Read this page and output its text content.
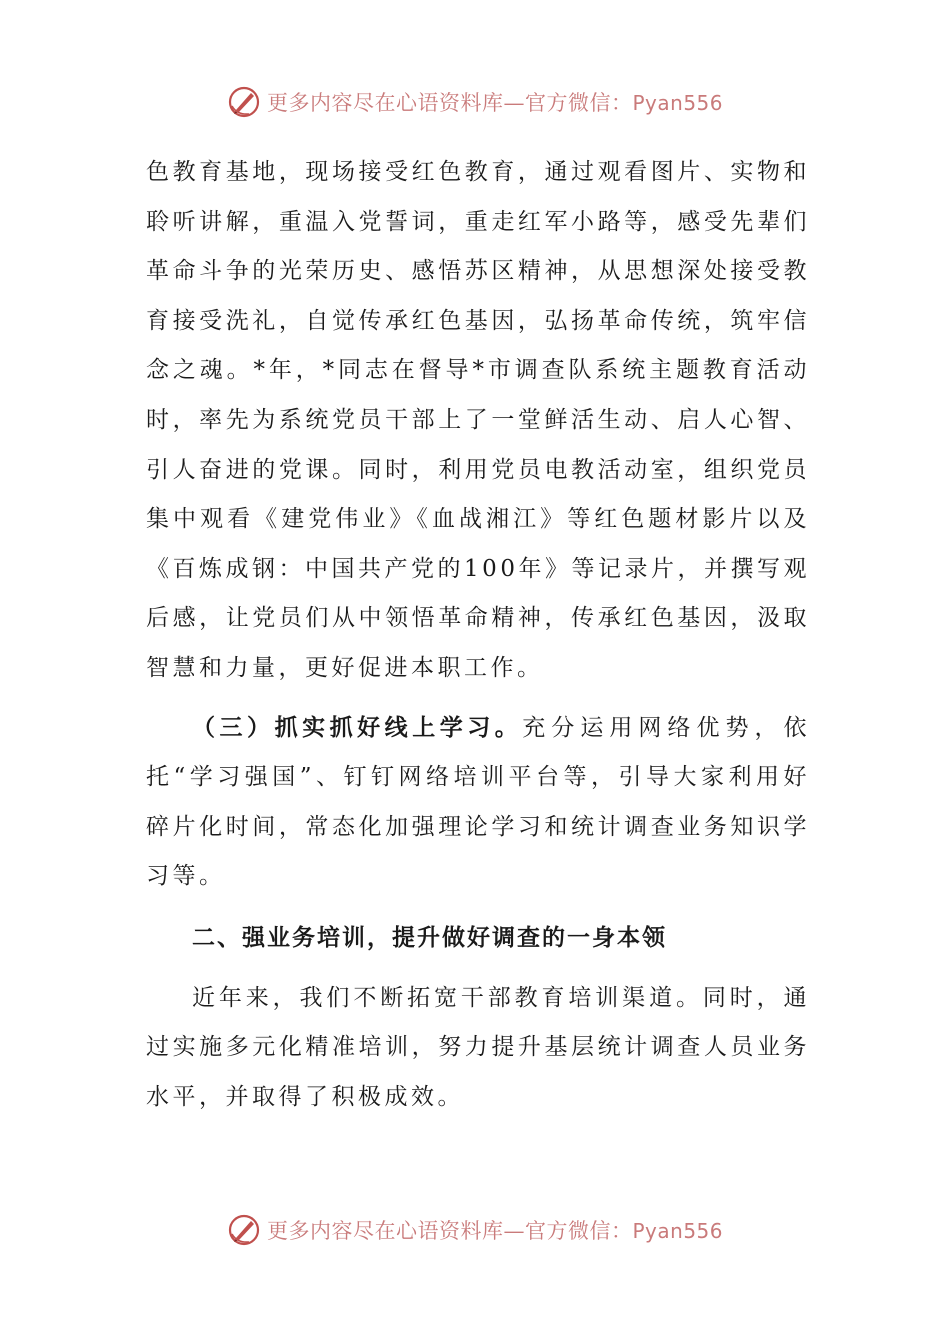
更多内容尽在心语资料库—官方微信：Pyan556

色教育基地，现场接受红色教育，通过观看图片、实物和聆听讲解，重温入党誓词，重走红军小路等，感受先辈们革命斗争的光荣历史、感悟苏区精神，从思想深处接受教育接受洗礼，自觉传承红色基因，弘扬革命传统，筑牢信念之魂。*年，*同志在督导*市调查队系统主题教育活动时，率先为系统党员干部上了一堂鲜活生动、启人心智、引人奋进的党课。同时，利用党员电教活动室，组织党员集中观看《建党伟业》《血战湘江》等红色题材影片以及《百炼成钢：中国共产党的100年》等记录片，并撰写观后感，让党员们从中领悟革命精神，传承红色基因，汲取智慧和力量，更好促进本职工作。

（三）抓实抓好线上学习。充分运用网络优势，依托“学习强国”、钉钉网络培训平台等，引导大家利用好碎片化时间，常态化加强理论学习和统计调查业务知识学习等。

二、强业务培训，提升做好调查的一身本领

近年来，我们不断拓宽干部教育培训渠道。同时，通过实施多元化精准培训，努力提升基层统计调查人员业务水平，并取得了积极成效。

更多内容尽在心语资料库—官方微信：Pyan556
